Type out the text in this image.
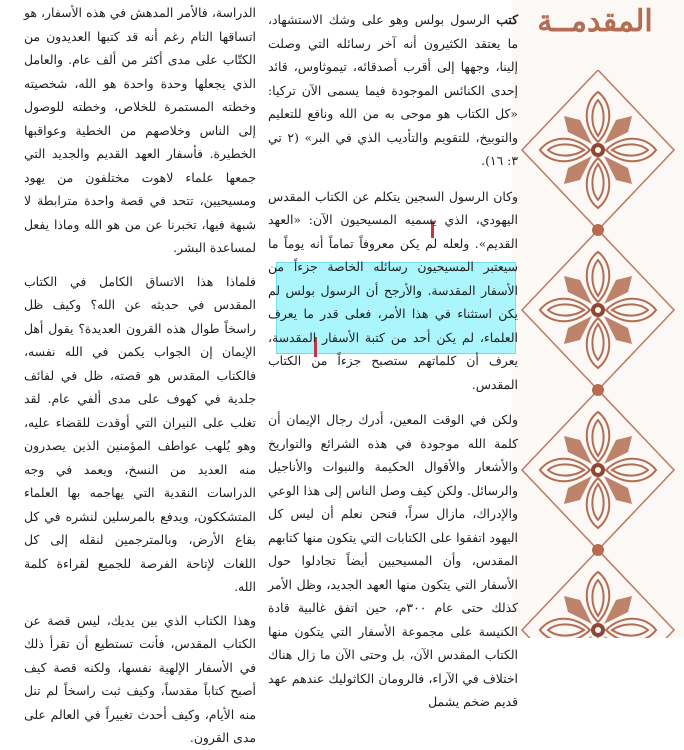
المقدمــة

كتب الرسول بولس وهو على وشك الاستشهاد، ما يعتقد الكثيرون أنه آخر رسائله التي وصلت إلينا، وجهها إلى أقرب أصدقائه، تيموثاوس، قائد إحدى الكنائس الموجودة فيما يسمى الآن تركيا: «كل الكتاب هو موحى به من الله ونافع للتعليم والتوبيخ، للتقويم والتأديب الذي في البر» (٢ تي ٣: ١٦).

وكان الرسول السجين يتكلم عن الكتاب المقدس اليهودي، الذي يسميه المسيحيون الآن: «العهد القديم». ولعله لم يكن معروفاً تماماً أنه يوماً ما سيعتبر المسيحيون رسائله الخاصة جزءاً من الأسفار المقدسة. والأرجح أن الرسول بولس لم يكن استثناء في هذا الأمر، فعلى قدر ما يعرف العلماء، لم يكن أحد من كتبة الأسفار المقدسة، يعرف أن كلماتهم ستصبح جزءاً من الكتاب المقدس.

ولكن في الوقت المعين، أدرك رجال الإيمان أن كلمة الله موجودة في هذه الشرائع والتواريخ والأشعار والأقوال الحكيمة والنبوات والأناجيل والرسائل. ولكن كيف وصل الناس إلى هذا الوعي والإدراك، مازال سراً، فنحن نعلم أن ليس كل اليهود اتفقوا على الكتابات التي يتكون منها كتابهم المقدس، وأن المسيحيين أيضاً تجادلوا حول الأسفار التي يتكون منها العهد الجديد، وظل الأمر كذلك حتى عام ٣٠٠م، حين اتفق غالبية قادة الكنيسة على مجموعة الأسفار التي يتكون منها الكتاب المقدس الآن، بل وحتى الآن ما زال هناك اختلاف في الآراء، فالرومان الكاثوليك عندهم عهد قديم ضخم يشمل

الدراسة، فالأمر المدهش في هذه الأسفار، هو اتساقها التام رغم أنه قد كتبها العديدون من الكتّاب على مدى أكثر من ألف عام. والعامل الذي يجعلها وحدة واحدة هو الله، شخصيته وخطته المستمرة للخلاص، وخطته للوصول إلى الناس وخلاصهم من الخطية وعواقبها الخطيرة. فأسفار العهد القديم والجديد التي جمعها علماء لاهوت مختلفون من يهود ومسيحيين، تتحد في قصة واحدة مترابطة لا شبهة فيها، تخبرنا عن من هو الله وماذا يفعل لمساعدة البشر.

فلماذا هذا الاتساق الكامل في الكتاب المقدس في حديثه عن الله؟ وكيف ظل راسخاً طوال هذه القرون العديدة؟ يقول أهل الإيمان إن الجواب يكمن في الله نفسه، فالكتاب المقدس هو قصته، ظل في لفائف جلدية في كهوف على مدى ألفي عام. لقد تغلب على النيران التي أوقدت للقضاء عليه، وهو يُلهب عواطف المؤمنين الذين يصدرون منه العديد من النسخ، ويعمد في وجه الدراسات النقدية التي يهاجمه بها العلماء المتشككون، ويدفع بالمرسلين لنشره في كل بقاع الأرض، وبالمترجمين لنقله إلى كل اللغات لإتاحة الفرصة للجميع لقراءة كلمة الله.

وهذا الكتاب الذي بين يديك، ليس قصة عن الكتاب المقدس، فأنت تستطيع أن تقرأ ذلك في الأسفار الإلهية نفسها، ولكنه قصة كيف أصبح كتاباً مقدساً، وكيف ثبت راسخاً لم تنل منه الأيام، وكيف أحدث تغييراً في العالم على مدى القرون.
